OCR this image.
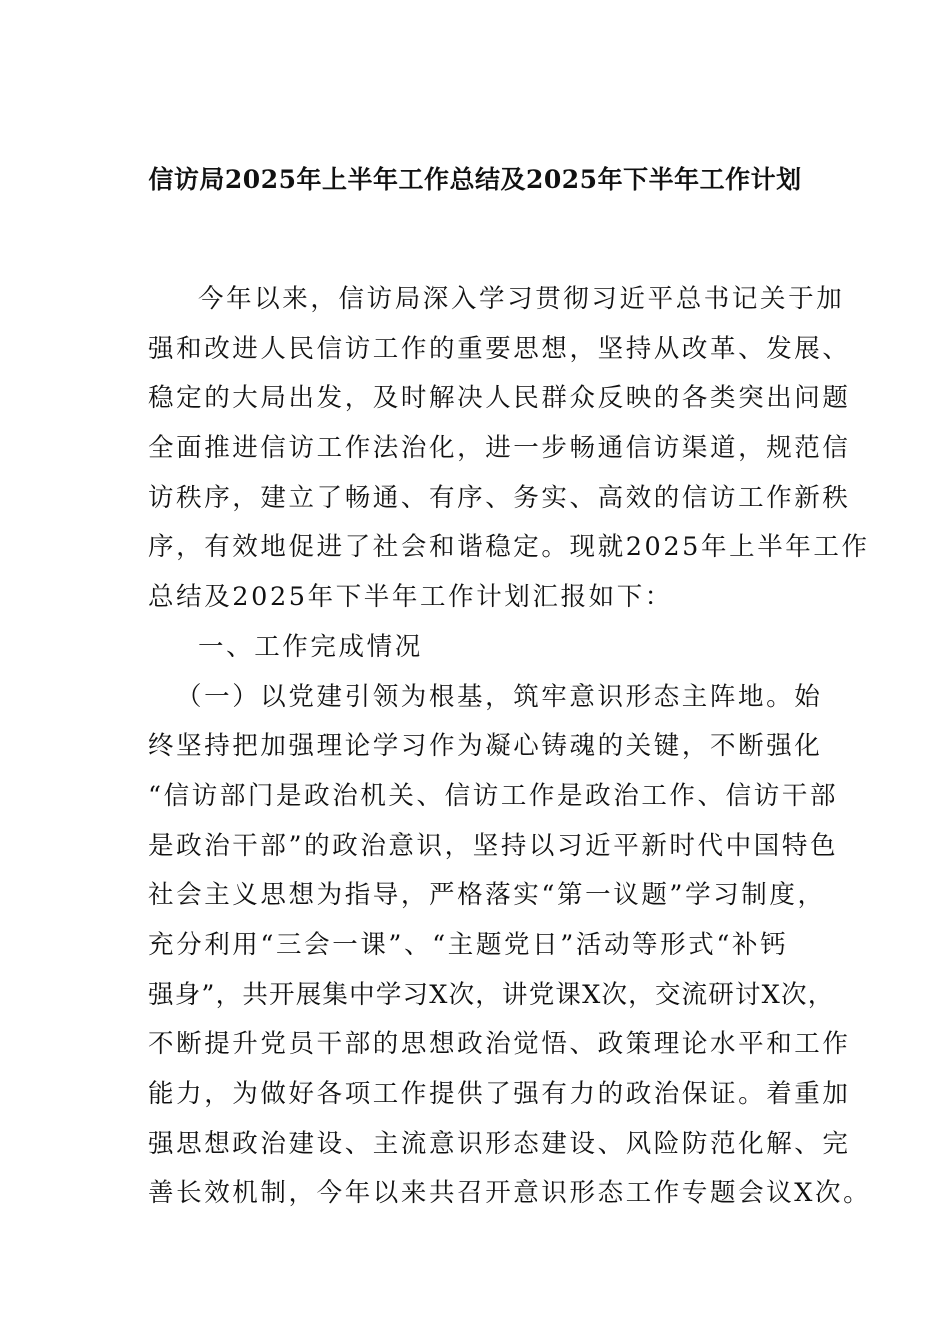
信访局2025年上半年工作总结及2025年下半年工作计划
今年以来，信访局深入学习贯彻习近平总书记关于加
强和改进人民信访工作的重要思想，坚持从改革、发展、
稳定的大局出发，及时解决人民群众反映的各类突出问题
全面推进信访工作法治化，进一步畅通信访渠道，规范信
访秩序，建立了畅通、有序、务实、高效的信访工作新秩
序，有效地促进了社会和谐稳定。现就2025年上半年工作
总结及2025年下半年工作计划汇报如下：
一、工作完成情况
（一）以党建引领为根基，筑牢意识形态主阵地。始
终坚持把加强理论学习作为凝心铸魂的关键，不断强化
“信访部门是政治机关、信访工作是政治工作、信访干部
是政治干部”的政治意识，坚持以习近平新时代中国特色
社会主义思想为指导，严格落实“第一议题”学习制度，
充分利用“三会一课”、“主题党日”活动等形式“补钙
强身”，共开展集中学习X次，讲党课X次，交流研讨X次，
不断提升党员干部的思想政治觉悟、政策理论水平和工作
能力，为做好各项工作提供了强有力的政治保证。着重加
强思想政治建设、主流意识形态建设、风险防范化解、完
善长效机制，今年以来共召开意识形态工作专题会议X次。
